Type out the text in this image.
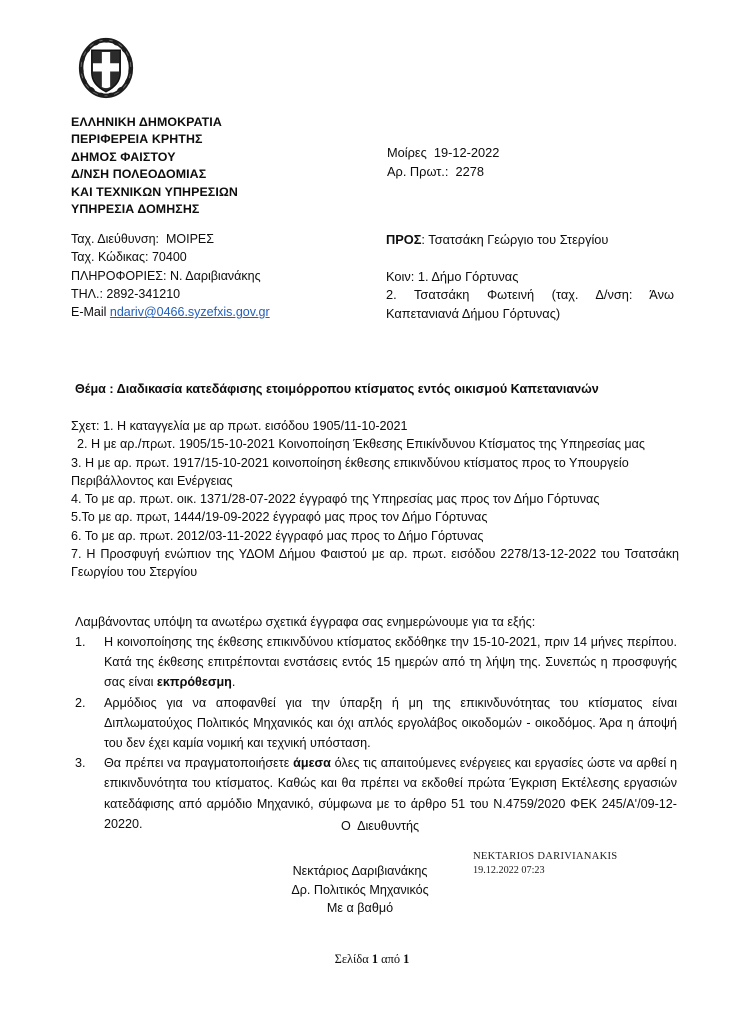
ΕΛΛΗΝΙΚΗ ΔΗΜΟΚΡΑΤΙΑ
ΠΕΡΙΦΕΡΕΙΑ ΚΡΗΤΗΣ
ΔΗΜΟΣ ΦΑΙΣΤΟΥ
Δ/ΝΣΗ ΠΟΛΕΟΔΟΜΙΑΣ
ΚΑΙ ΤΕΧΝΙΚΩΝ ΥΠΗΡΕΣΙΩΝ
ΥΠΗΡΕΣΙΑ ΔΟΜΗΣΗΣ
Μοίρες  19-12-2022
Αρ. Πρωτ.:  2278
Ταχ. Διεύθυνση:  ΜΟΙΡΕΣ
Ταχ. Κώδικας: 70400
ΠΛΗΡΟΦΟΡΙΕΣ: Ν. Δαριβιανάκης
ΤΗΛ.: 2892-341210
E-Mail ndariv@0466.syzefxis.gov.gr
ΠΡΟΣ: Τσατσάκη Γεώργιο του Στεργίου
Κοιν: 1. Δήμο Γόρτυνας
2. Τσατσάκη Φωτεινή (ταχ. Δ/νση: Άνω Καπετανιανά Δήμου Γόρτυνας)
Θέμα : Διαδικασία κατεδάφισης ετοιμόρροπου κτίσματος εντός οικισμού Καπετανιανών
Σχετ: 1. Η καταγγελία με αρ πρωτ. εισόδου 1905/11-10-2021
2. Η με αρ./πρωτ. 1905/15-10-2021 Κοινοποίηση Έκθεσης Επικίνδυνου Κτίσματος της Υπηρεσίας μας
3. Η με αρ. πρωτ. 1917/15-10-2021 κοινοποίηση έκθεσης επικινδύνου κτίσματος προς το Υπουργείο Περιβάλλοντος και Ενέργειας
4. Το με αρ. πρωτ. οικ. 1371/28-07-2022 έγγραφό της Υπηρεσίας μας προς τον Δήμο Γόρτυνας
5.Το με αρ. πρωτ, 1444/19-09-2022 έγγραφό μας προς τον Δήμο Γόρτυνας
6. Το με αρ. πρωτ. 2012/03-11-2022 έγγραφό μας προς το Δήμο Γόρτυνας
7. Η Προσφυγή ενώπιον της ΥΔΟΜ Δήμου Φαιστού με αρ. πρωτ. εισόδου 2278/13-12-2022 του Τσατσάκη Γεωργίου του Στεργίου
Λαμβάνοντας υπόψη τα ανωτέρω σχετικά έγγραφα σας ενημερώνουμε για τα εξής:
1.	Η κοινοποίησης της έκθεσης επικινδύνου κτίσματος εκδόθηκε την 15-10-2021, πριν 14 μήνες περίπου. Κατά της έκθεσης επιτρέπονται ενστάσεις εντός 15 ημερών από τη λήψη της. Συνεπώς η προσφυγής σας είναι εκπρόθεσμη.
2.	Αρμόδιος για να αποφανθεί για την ύπαρξη ή μη της επικινδυνότητας του κτίσματος είναι Διπλωματούχος Πολιτικός Μηχανικός και όχι απλός εργολάβος οικοδομών - οικοδόμος. Άρα η άποψή του δεν έχει καμία νομική και τεχνική υπόσταση.
3.	Θα πρέπει να πραγματοποιήσετε άμεσα όλες τις απαιτούμενες ενέργειες και εργασίες ώστε να αρθεί η επικινδυνότητα του κτίσματος. Καθώς και θα πρέπει να εκδοθεί πρώτα Έγκριση Εκτέλεσης εργασιών κατεδάφισης από αρμόδιο Μηχανικό, σύμφωνα με το άρθρο 51 του Ν.4759/2020 ΦΕΚ 245/Α'/09-12-20220.	Ο  Διευθυντής
Νεκτάριος Δαριβιανάκης
Δρ. Πολιτικός Μηχανικός
Με α βαθμό
NEKTARIOS DARIVIANAKIS
19.12.2022 07:23
Σελίδα 1 από 1
